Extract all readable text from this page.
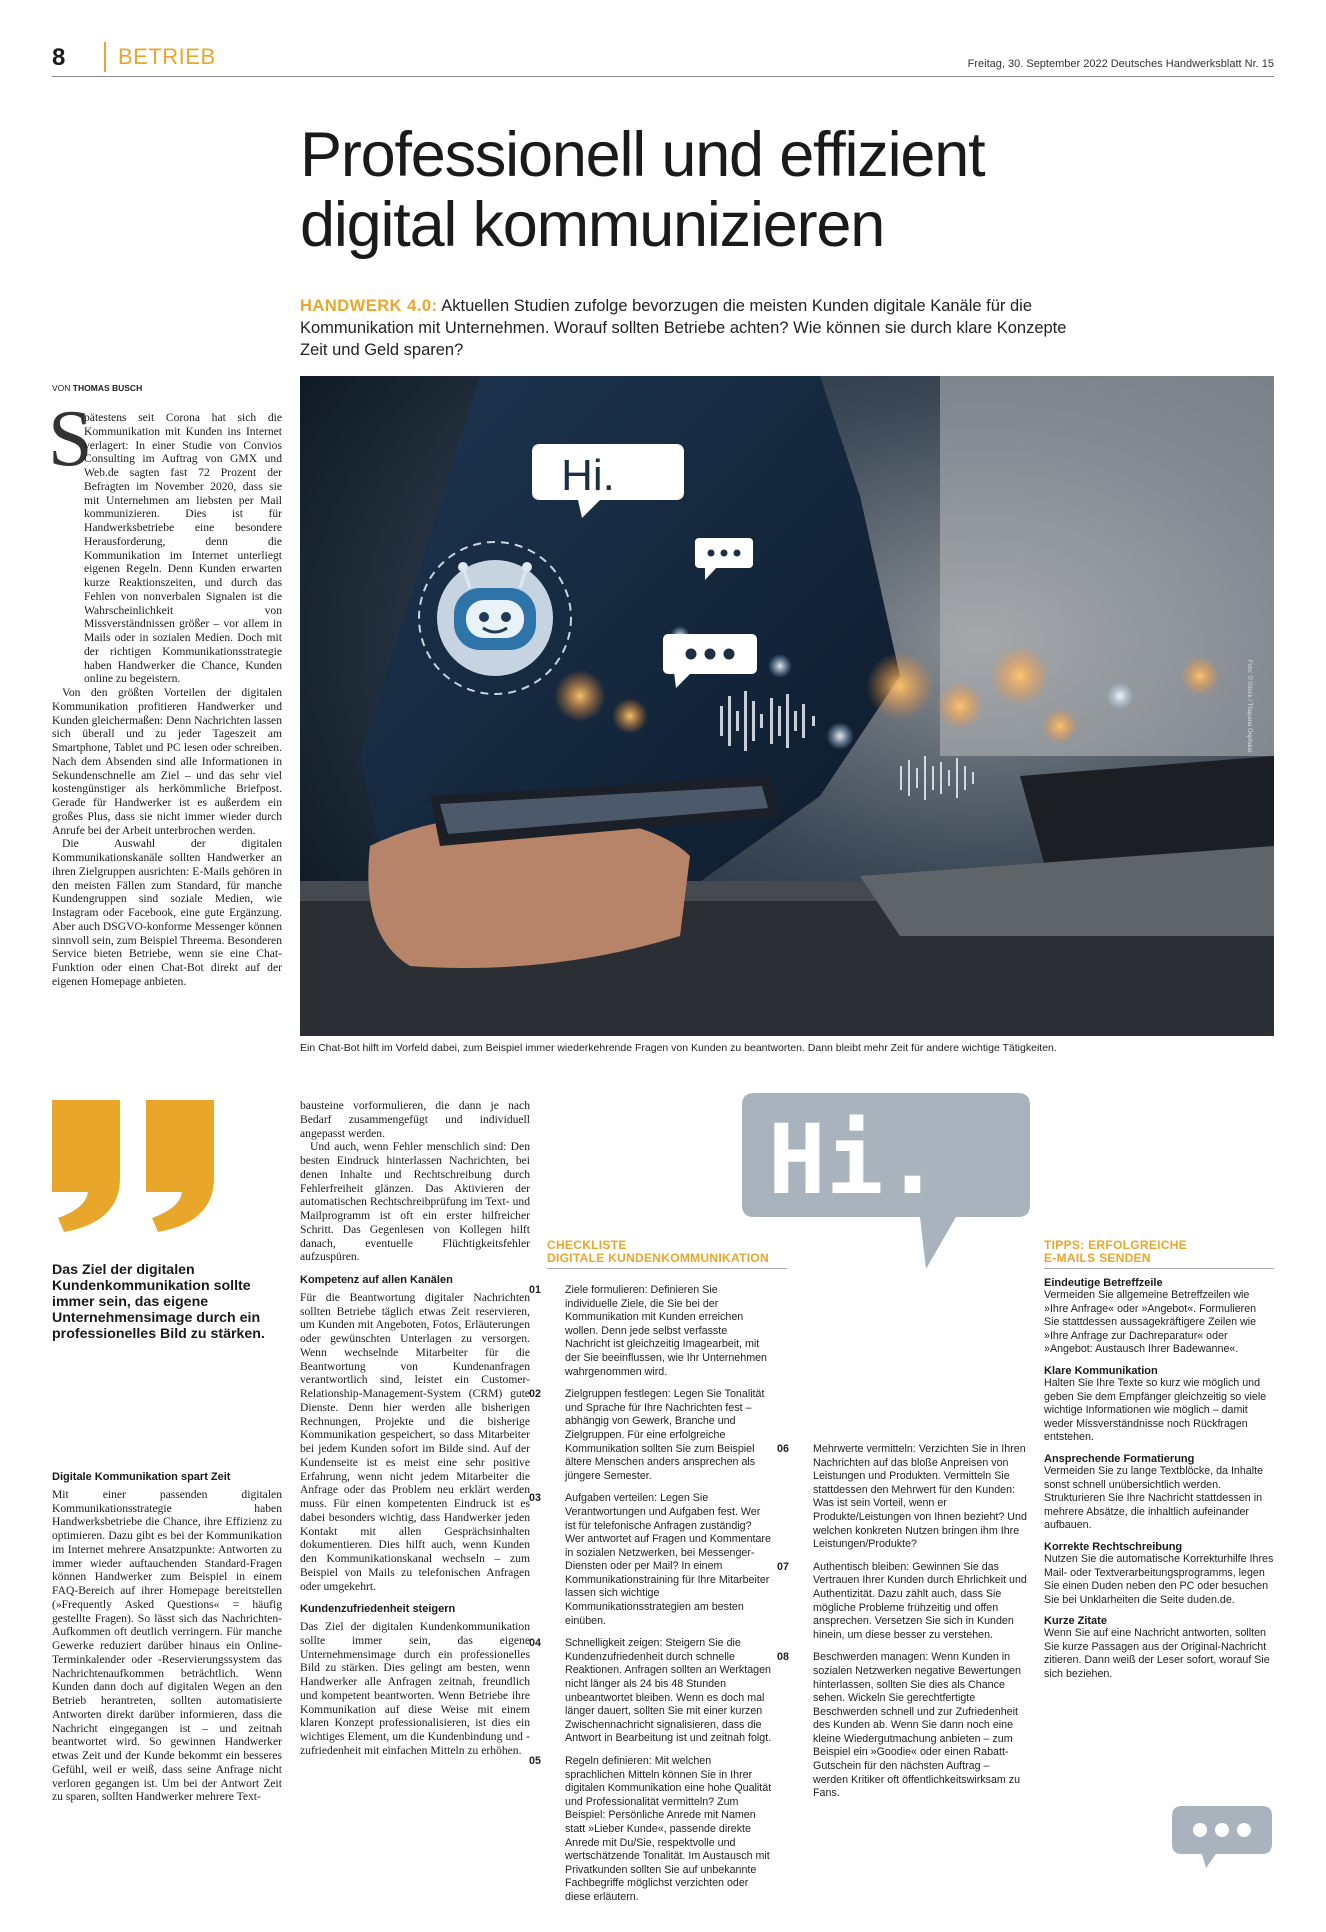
8 BETRIEB	Freitag, 30. September 2022 Deutsches Handwerksblatt Nr. 15
Professionell und effizient
digital kommunizieren
HANDWERK 4.0: Aktuellen Studien zufolge bevorzugen die meisten Kunden digitale Kanäle für die Kommunikation mit Unternehmen. Worauf sollten Betriebe achten? Wie können sie durch klare Konzepte Zeit und Geld sparen?
VON THOMAS BUSCH
S

pätestens seit Corona hat sich die Kommunikation mit Kunden ins Internet verlagert: In einer Studie von Convios Consulting im Auftrag von GMX und Web.de sagten fast 72 Prozent der Befragten im November 2020, dass sie mit Unternehmen am liebsten per Mail kommunizieren. Dies ist für Handwerksbetriebe eine besondere Herausforderung, denn die Kommunikation im Internet unterliegt eigenen Regeln. Denn Kunden erwarten kurze Reaktionszeiten, und durch das Fehlen von nonverbalen Signalen ist die Wahrscheinlichkeit von Missverständnissen größer – vor allem in Mails oder in sozialen Medien. Doch mit der richtigen Kommunikationsstrategie haben Handwerker die Chance, Kunden online zu begeistern.

Von den größten Vorteilen der digitalen Kommunikation profitieren Handwerker und Kunden gleichermaßen: Denn Nachrichten lassen sich überall und zu jeder Tageszeit am Smartphone, Tablet und PC lesen oder schreiben. Nach dem Absenden sind alle Informationen in Sekundenschnelle am Ziel – und das sehr viel kostengünstiger als herkömmliche Briefpost. Gerade für Handwerker ist es außerdem ein großes Plus, dass sie nicht immer wieder durch Anrufe bei der Arbeit unterbrochen werden.

Die Auswahl der digitalen Kommunikationskanäle sollten Handwerker an ihren Zielgruppen ausrichten: E-Mails gehören in den meisten Fällen zum Standard, für manche Kundengruppen sind soziale Medien, wie Instagram oder Facebook, eine gute Ergänzung. Aber auch DSGVO-konforme Messenger können sinnvoll sein, zum Beispiel Threema. Besonderen Service bieten Betriebe, wenn sie eine Chat-Funktion oder einen Chat-Bot direkt auf der eigenen Homepage anbieten.

Hi.
Foto: © iStock / Thapana Onphalai
Ein Chat-Bot hilft im Vorfeld dabei, zum Beispiel immer wiederkehrende Fragen von Kunden zu beantworten. Dann bleibt mehr Zeit für andere wichtige Tätigkeiten.
Das Ziel der digitalen Kundenkommunikation sollte immer sein, das eigene Unternehmensimage durch ein professionelles Bild zu stärken.
Digitale Kommunikation spart Zeit

Mit einer passenden digitalen Kommunikationsstrategie haben Handwerksbetriebe die Chance, ihre Effizienz zu optimieren. Dazu gibt es bei der Kommunikation im Internet mehrere Ansatzpunkte: Antworten zu immer wieder auftauchenden Standard-Fragen können Handwerker zum Beispiel in einem FAQ-Bereich auf ihrer Homepage bereitstellen (»Frequently Asked Questions« = häufig gestellte Fragen). So lässt sich das Nachrichten-Aufkommen oft deutlich verringern. Für manche Gewerke reduziert darüber hinaus ein Online-Terminkalender oder -Reservierungssystem das Nachrichtenaufkommen beträchtlich. Wenn Kunden dann doch auf digitalen Wegen an den Betrieb herantreten, sollten automatisierte Antworten direkt darüber informieren, dass die Nachricht eingegangen ist – und zeitnah beantwortet wird. So gewinnen Handwerker etwas Zeit und der Kunde bekommt ein besseres Gefühl, weil er weiß, dass seine Anfrage nicht verloren gegangen ist. Um bei der Antwort Zeit zu sparen, sollten Handwerker mehrere Text-

bausteine vorformulieren, die dann je nach Bedarf zusammengefügt und individuell angepasst werden.

Und auch, wenn Fehler menschlich sind: Den besten Eindruck hinterlassen Nachrichten, bei denen Inhalte und Rechtschreibung durch Fehlerfreiheit glänzen. Das Aktivieren der automatischen Rechtschreibprüfung im Text- und Mailprogramm ist oft ein erster hilfreicher Schritt. Das Gegenlesen von Kollegen hilft danach, eventuelle Flüchtigkeitsfehler aufzuspüren.

Kompetenz auf allen Kanälen

Für die Beantwortung digitaler Nachrichten sollten Betriebe täglich etwas Zeit reservieren, um Kunden mit Angeboten, Fotos, Erläuterungen oder gewünschten Unterlagen zu versorgen. Wenn wechselnde Mitarbeiter für die Beantwortung von Kundenanfragen verantwortlich sind, leistet ein Customer-Relationship-Management-System (CRM) gute Dienste. Denn hier werden alle bisherigen Rechnungen, Projekte und die bisherige Kommunikation gespeichert, so dass Mitarbeiter bei jedem Kunden sofort im Bilde sind. Auf der Kundenseite ist es meist eine sehr positive Erfahrung, wenn nicht jedem Mitarbeiter die Anfrage oder das Problem neu erklärt werden muss. Für einen kompetenten Eindruck ist es dabei besonders wichtig, dass Handwerker jeden Kontakt mit allen Gesprächsinhalten dokumentieren. Dies hilft auch, wenn Kunden den Kommunikationskanal wechseln – zum Beispiel von Mails zu telefonischen Anfragen oder umgekehrt.

Kundenzufriedenheit steigern

Das Ziel der digitalen Kundenkommunikation sollte immer sein, das eigene Unternehmensimage durch ein professionelles Bild zu stärken. Dies gelingt am besten, wenn Handwerker alle Anfragen zeitnah, freundlich und kompetent beantworten. Wenn Betriebe ihre Kommunikation auf diese Weise mit einem klaren Konzept professionalisieren, ist dies ein wichtiges Element, um die Kundenbindung und -zufriedenheit mit einfachen Mitteln zu erhöhen.

Hi.
CHECKLISTE
DIGITALE KUNDENKOMMUNIKATION
01 Ziele formulieren: Definieren Sie individuelle Ziele, die Sie bei der Kommunikation mit Kunden erreichen wollen. Denn jede selbst verfasste Nachricht ist gleichzeitig Imagearbeit, mit der Sie beeinflussen, wie Ihr Unternehmen wahrgenommen wird.
02 Zielgruppen festlegen: Legen Sie Tonalität und Sprache für Ihre Nachrichten fest – abhängig von Gewerk, Branche und Zielgruppen. Für eine erfolgreiche Kommunikation sollten Sie zum Beispiel ältere Menschen anders ansprechen als jüngere Semester.
03 Aufgaben verteilen: Legen Sie Verantwortungen und Aufgaben fest. Wer ist für telefonische Anfragen zuständig? Wer antwortet auf Fragen und Kommentare in sozialen Netzwerken, bei Messenger-Diensten oder per Mail? In einem Kommunikationstraining für Ihre Mitarbeiter lassen sich wichtige Kommunikationsstrategien am besten einüben.
04 Schnelligkeit zeigen: Steigern Sie die Kundenzufriedenheit durch schnelle Reaktionen. Anfragen sollten an Werktagen nicht länger als 24 bis 48 Stunden unbeantwortet bleiben. Wenn es doch mal länger dauert, sollten Sie mit einer kurzen Zwischennachricht signalisieren, dass die Antwort in Bearbeitung ist und zeitnah folgt.
05 Regeln definieren: Mit welchen sprachlichen Mitteln können Sie in Ihrer digitalen Kommunikation eine hohe Qualität und Professionalität vermitteln? Zum Beispiel: Persönliche Anrede mit Namen statt »Lieber Kunde«, passende direkte Anrede mit Du/Sie, respektvolle und wertschätzende Tonalität. Im Austausch mit Privatkunden sollten Sie auf unbekannte Fachbegriffe möglichst verzichten oder diese erläutern.
06 Mehrwerte vermitteln: Verzichten Sie in Ihren Nachrichten auf das bloße Anpreisen von Leistungen und Produkten. Vermitteln Sie stattdessen den Mehrwert für den Kunden: Was ist sein Vorteil, wenn er Produkte/Leistungen von Ihnen bezieht? Und welchen konkreten Nutzen bringen ihm Ihre Leistungen/Produkte?
07 Authentisch bleiben: Gewinnen Sie das Vertrauen Ihrer Kunden durch Ehrlichkeit und Authentizität. Dazu zählt auch, dass Sie mögliche Probleme frühzeitig und offen ansprechen. Versetzen Sie sich in Kunden hinein, um diese besser zu verstehen.
08 Beschwerden managen: Wenn Kunden in sozialen Netzwerken negative Bewertungen hinterlassen, sollten Sie dies als Chance sehen. Wickeln Sie gerechtfertigte Beschwerden schnell und zur Zufriedenheit des Kunden ab. Wenn Sie dann noch eine kleine Wiedergutmachung anbieten – zum Beispiel ein »Goodie« oder einen Rabatt-Gutschein für den nächsten Auftrag – werden Kritiker oft öffentlichkeitswirksam zu Fans.
TIPPS: ERFOLGREICHE
E-MAILS SENDEN
Eindeutige Betreffzeile
Vermeiden Sie allgemeine Betreffzeilen wie »Ihre Anfrage« oder »Angebot«. Formulieren Sie stattdessen aussagekräftigere Zeilen wie »Ihre Anfrage zur Dachreparatur« oder »Angebot: Austausch Ihrer Badewanne«.
Klare Kommunikation
Halten Sie Ihre Texte so kurz wie möglich und geben Sie dem Empfänger gleichzeitig so viele wichtige Informationen wie möglich – damit weder Missverständnisse noch Rückfragen entstehen.
Ansprechende Formatierung
Vermeiden Sie zu lange Textblöcke, da Inhalte sonst schnell unübersichtlich werden. Strukturieren Sie Ihre Nachricht stattdessen in mehrere Absätze, die inhaltlich aufeinander aufbauen.
Korrekte Rechtschreibung
Nutzen Sie die automatische Korrekturhilfe Ihres Mail- oder Textverarbeitungsprogramms, legen Sie einen Duden neben den PC oder besuchen Sie bei Unklarheiten die Seite duden.de.
Kurze Zitate
Wenn Sie auf eine Nachricht antworten, sollten Sie kurze Passagen aus der Original-Nachricht zitieren. Dann weiß der Leser sofort, worauf Sie sich beziehen.
